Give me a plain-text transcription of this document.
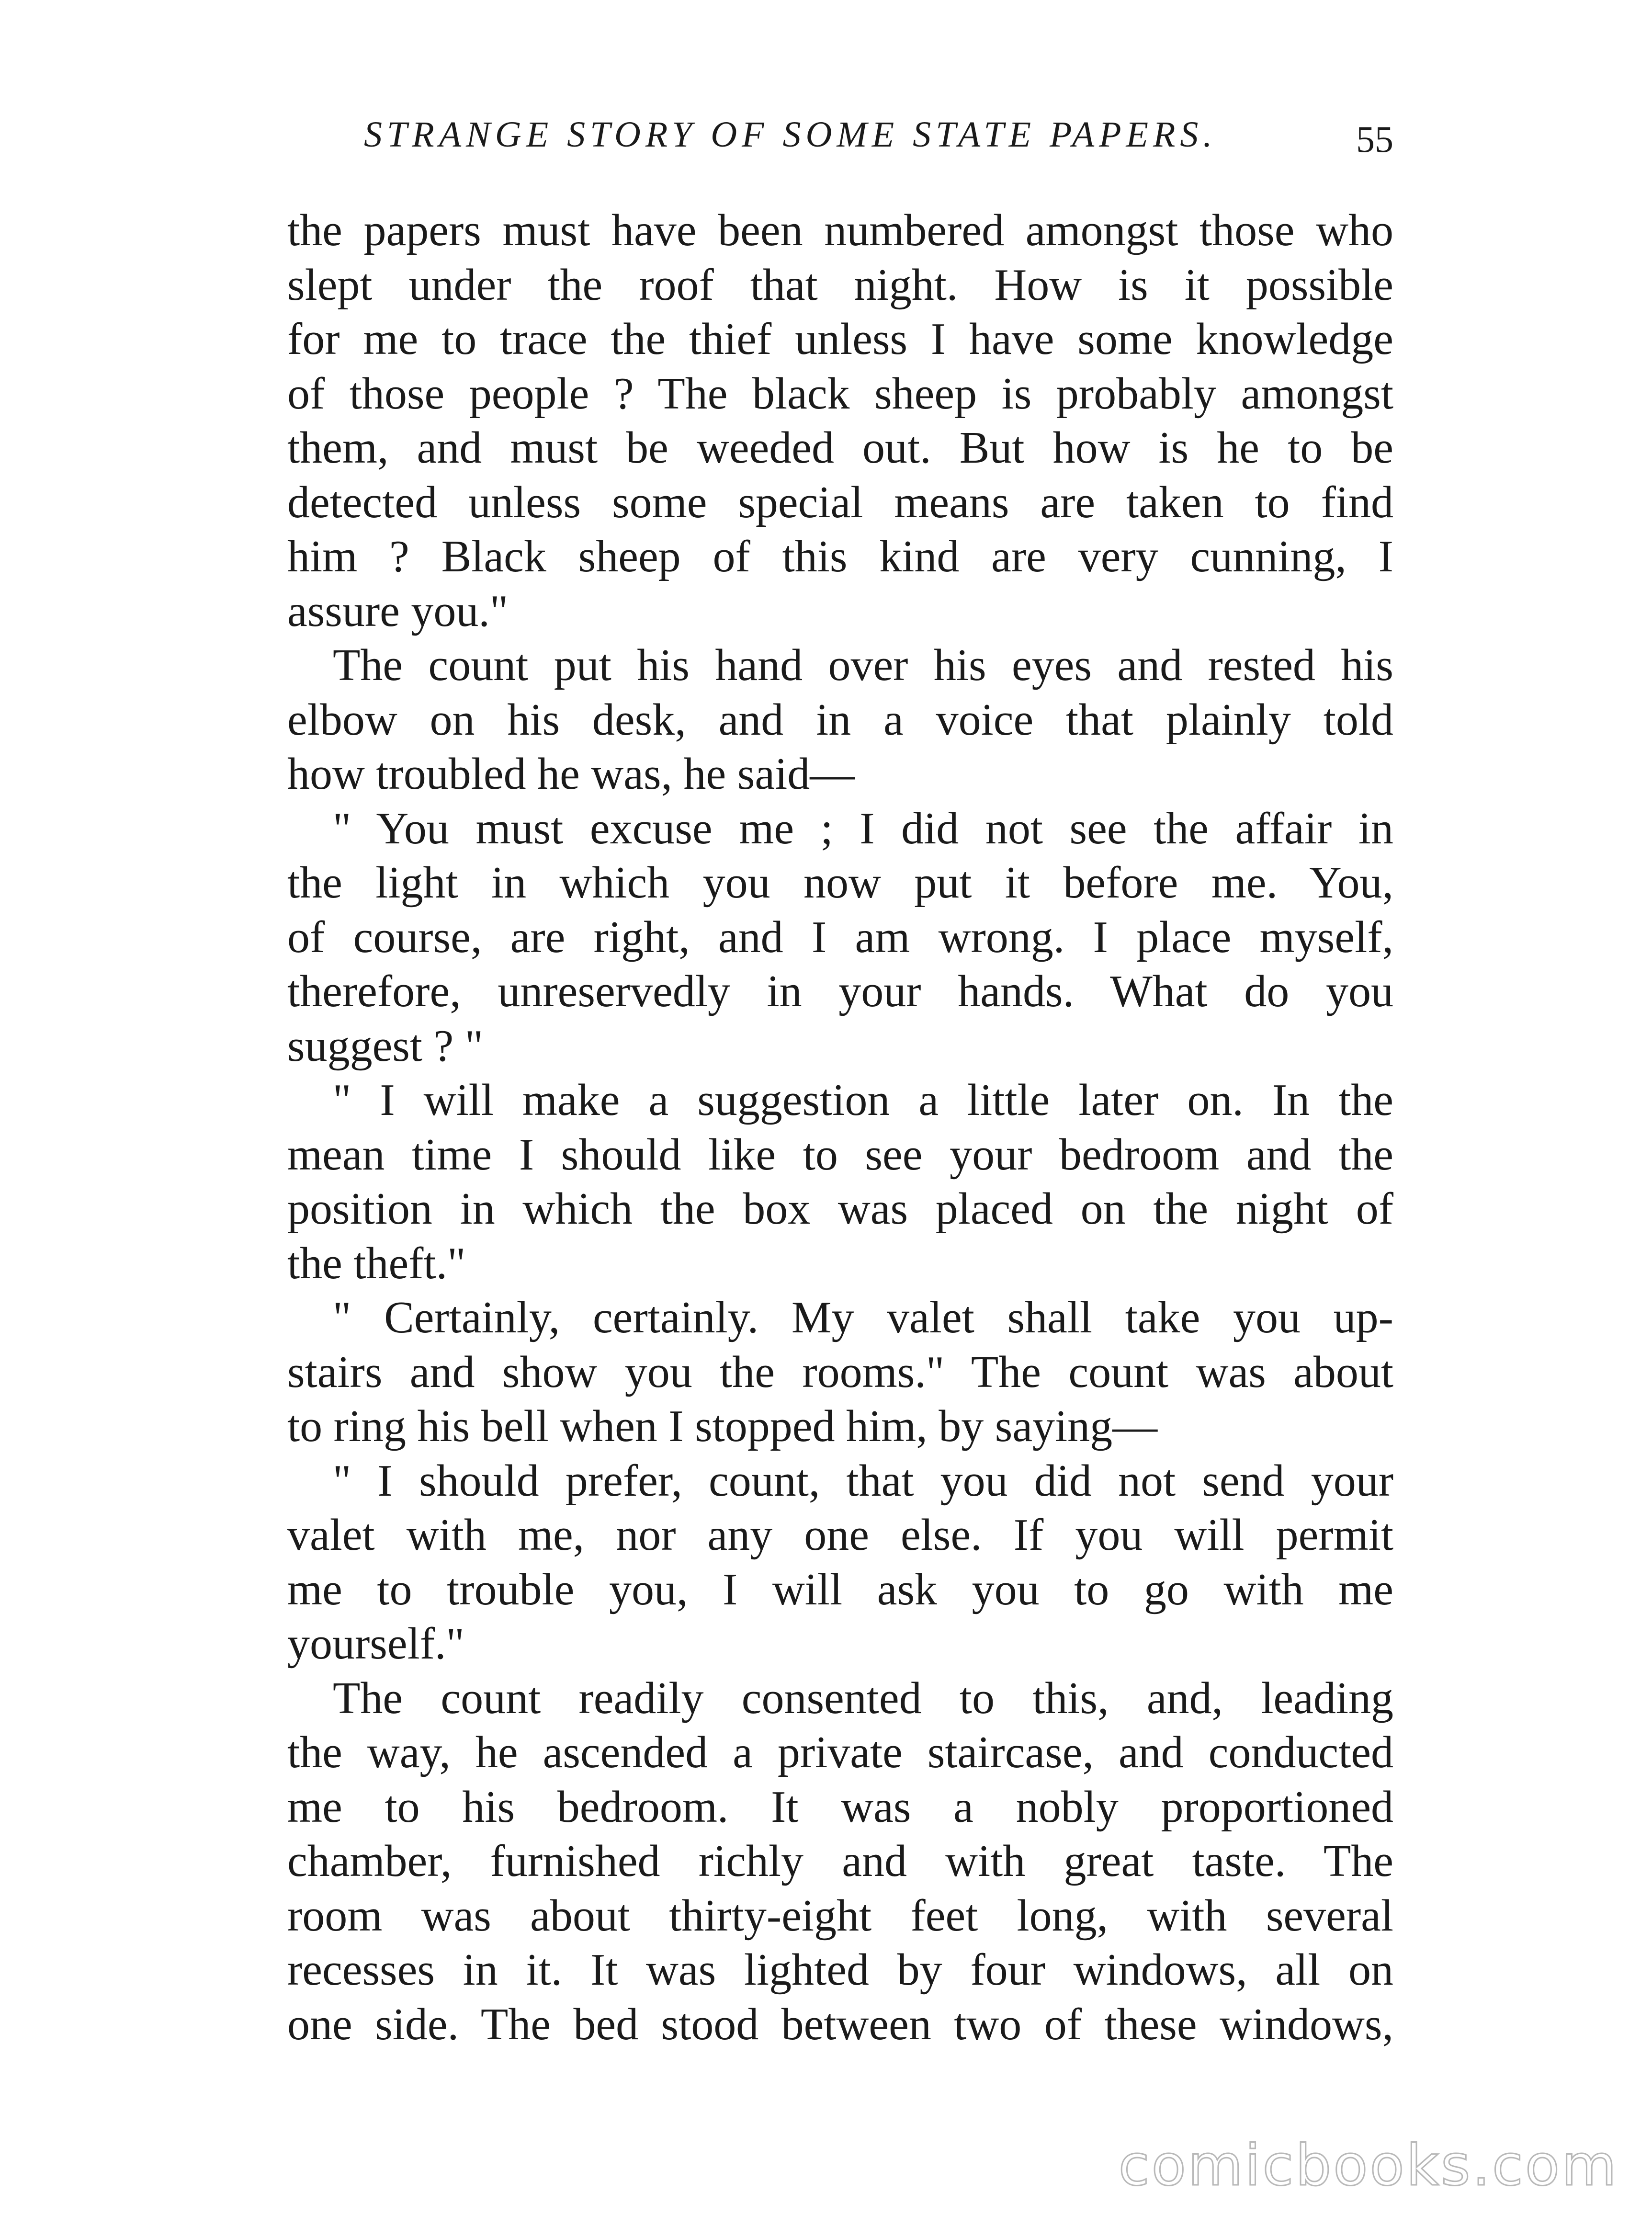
STRANGE STORY OF SOME STATE PAPERS.	55
the papers must have been numbered amongst those who
slept under the roof that night. How is it possible
for me to trace the thief unless I have some knowledge
of those people ? The black sheep is probably amongst
them, and must be weeded out. But how is he to be
detected unless some special means are taken to find
him ? Black sheep of this kind are very cunning, I
assure you."
The count put his hand over his eyes and rested his
elbow on his desk, and in a voice that plainly told
how troubled he was, he said—
" You must excuse me ; I did not see the affair in
the light in which you now put it before me. You,
of course, are right, and I am wrong. I place myself,
therefore, unreservedly in your hands. What do you
suggest ? "
" I will make a suggestion a little later on. In the
mean time I should like to see your bedroom and the
position in which the box was placed on the night of
the theft."
" Certainly, certainly. My valet shall take you up-
stairs and show you the rooms." The count was about
to ring his bell when I stopped him, by saying—
" I should prefer, count, that you did not send your
valet with me, nor any one else. If you will permit
me to trouble you, I will ask you to go with me
yourself."
The count readily consented to this, and, leading
the way, he ascended a private staircase, and conducted
me to his bedroom. It was a nobly proportioned
chamber, furnished richly and with great taste. The
room was about thirty-eight feet long, with several
recesses in it. It was lighted by four windows, all on
one side. The bed stood between two of these windows,
comicbooks.com
